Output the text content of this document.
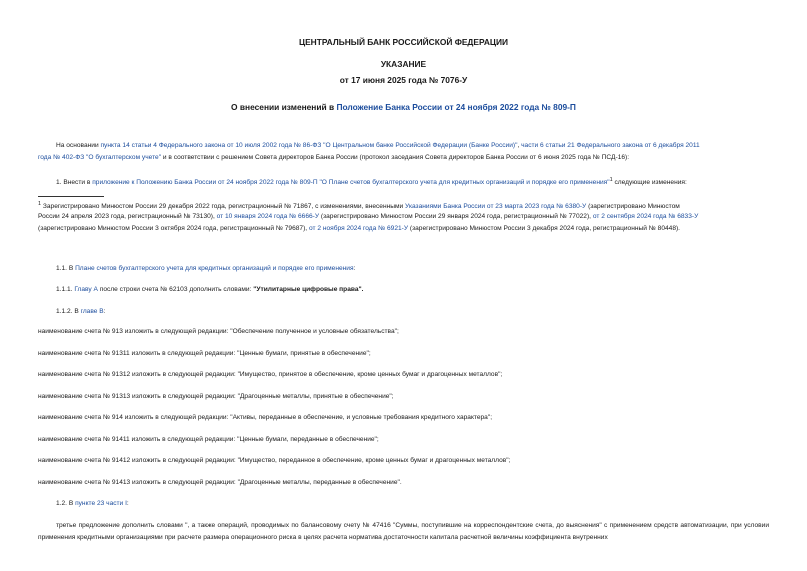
ЦЕНТРАЛЬНЫЙ БАНК РОССИЙСКОЙ ФЕДЕРАЦИИ
УКАЗАНИЕ
от 17 июня 2025 года № 7076-У
О внесении изменений в Положение Банка России от 24 ноября 2022 года № 809-П
На основании пункта 14 статьи 4 Федерального закона от 10 июля 2002 года № 86-ФЗ "О Центральном банке Российской Федерации (Банке России)", части 6 статьи 21 Федерального закона от 6 декабря 2011
года № 402-ФЗ "О бухгалтерском учете" и в соответствии с решением Совета директоров Банка России (протокол заседания Совета директоров Банка России от 6 июня 2025 года № ПСД-16):
1. Внести в приложение к Положению Банка России от 24 ноября 2022 года № 809-П "О Плане счетов бухгалтерского учета для кредитных организаций и порядке его применения"$^1$ следующие изменения:
$^1$ Зарегистрировано Минюстом России 29 декабря 2022 года, регистрационный № 71867, с изменениями, внесенными Указаниями Банка России от 23 марта 2023 года № 6380-У (зарегистрировано Минюстом
России 24 апреля 2023 года, регистрационный № 73130), от 10 января 2024 года № 6666-У (зарегистрировано Минюстом России 29 января 2024 года, регистрационный № 77022), от 2 сентября 2024 года № 6833-У
(зарегистрировано Минюстом России 3 октября 2024 года, регистрационный № 79687), от 2 ноября 2024 года № 6921-У (зарегистрировано Минюстом России 3 декабря 2024 года, регистрационный № 80448).
1.1. В Плане счетов бухгалтерского учета для кредитных организаций и порядке его применения:
1.1.1. Главу А после строки счета № 62103 дополнить словами: "Утилитарные цифровые права".
1.1.2. В главе В:
наименование счета № 913 изложить в следующей редакции: "Обеспечение полученное и условные обязательства";
наименование счета № 91311 изложить в следующей редакции: "Ценные бумаги, принятые в обеспечение";
наименование счета № 91312 изложить в следующей редакции: "Имущество, принятое в обеспечение, кроме ценных бумаг и драгоценных металлов";
наименование счета № 91313 изложить в следующей редакции: "Драгоценные металлы, принятые в обеспечение";
наименование счета № 914 изложить в следующей редакции: "Активы, переданные в обеспечение, и условные требования кредитного характера";
наименование счета № 91411 изложить в следующей редакции: "Ценные бумаги, переданные в обеспечение";
наименование счета № 91412 изложить в следующей редакции: "Имущество, переданное в обеспечение, кроме ценных бумаг и драгоценных металлов";
наименование счета № 91413 изложить в следующей редакции: "Драгоценные металлы, переданные в обеспечение".
1.2. В пункте 23 части I:
третье предложение дополнить словами ", а также операций, проводимых по балансовому счету № 47416 "Суммы, поступившие на корреспондентские счета, до выяснения" с применением средств автоматизации, при условии применения кредитными организациями при расчете размера операционного риска в целях расчета норматива достаточности капитала расчетной величины коэффициента внутренних
